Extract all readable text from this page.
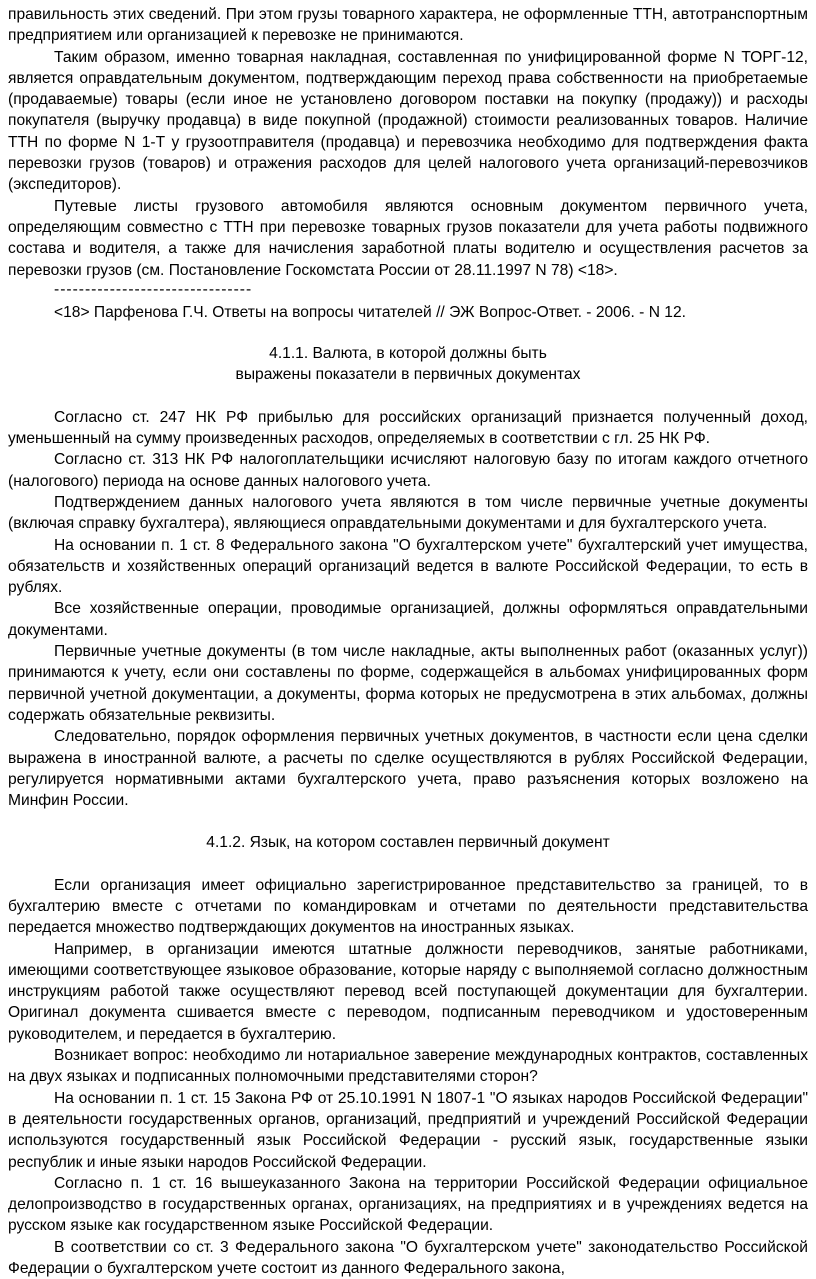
правильность этих сведений. При этом грузы товарного характера, не оформленные ТТН, автотранспортным предприятием или организацией к перевозке не принимаются.

Таким образом, именно товарная накладная, составленная по унифицированной форме N ТОРГ-12, является оправдательным документом, подтверждающим переход права собственности на приобретаемые (продаваемые) товары (если иное не установлено договором поставки на покупку (продажу)) и расходы покупателя (выручку продавца) в виде покупной (продажной) стоимости реализованных товаров. Наличие ТТН по форме N 1-Т у грузоотправителя (продавца) и перевозчика необходимо для подтверждения факта перевозки грузов (товаров) и отражения расходов для целей налогового учета организаций-перевозчиков (экспедиторов).

Путевые листы грузового автомобиля являются основным документом первичного учета, определяющим совместно с ТТН при перевозке товарных грузов показатели для учета работы подвижного состава и водителя, а также для начисления заработной платы водителю и осуществления расчетов за перевозки грузов (см. Постановление Госкомстата России от 28.11.1997 N 78) <18>.

--------------------------------

<18> Парфенова Г.Ч. Ответы на вопросы читателей // ЭЖ Вопрос-Ответ. - 2006. - N 12.

4.1.1. Валюта, в которой должны быть

выражены показатели в первичных документах

Согласно ст. 247 НК РФ прибылью для российских организаций признается полученный доход, уменьшенный на сумму произведенных расходов, определяемых в соответствии с гл. 25 НК РФ.

Согласно ст. 313 НК РФ налогоплательщики исчисляют налоговую базу по итогам каждого отчетного (налогового) периода на основе данных налогового учета.

Подтверждением данных налогового учета являются в том числе первичные учетные документы (включая справку бухгалтера), являющиеся оправдательными документами и для бухгалтерского учета.

На основании п. 1 ст. 8 Федерального закона "О бухгалтерском учете" бухгалтерский учет имущества, обязательств и хозяйственных операций организаций ведется в валюте Российской Федерации, то есть в рублях.

Все хозяйственные операции, проводимые организацией, должны оформляться оправдательными документами.

Первичные учетные документы (в том числе накладные, акты выполненных работ (оказанных услуг)) принимаются к учету, если они составлены по форме, содержащейся в альбомах унифицированных форм первичной учетной документации, а документы, форма которых не предусмотрена в этих альбомах, должны содержать обязательные реквизиты.

Следовательно, порядок оформления первичных учетных документов, в частности если цена сделки выражена в иностранной валюте, а расчеты по сделке осуществляются в рублях Российской Федерации, регулируется нормативными актами бухгалтерского учета, право разъяснения которых возложено на Минфин России.

4.1.2. Язык, на котором составлен первичный документ

Если организация имеет официально зарегистрированное представительство за границей, то в бухгалтерию вместе с отчетами по командировкам и отчетами по деятельности представительства передается множество подтверждающих документов на иностранных языках.

Например, в организации имеются штатные должности переводчиков, занятые работниками, имеющими соответствующее языковое образование, которые наряду с выполняемой согласно должностным инструкциям работой также осуществляют перевод всей поступающей документации для бухгалтерии. Оригинал документа сшивается вместе с переводом, подписанным переводчиком и удостоверенным руководителем, и передается в бухгалтерию.

Возникает вопрос: необходимо ли нотариальное заверение международных контрактов, составленных на двух языках и подписанных полномочными представителями сторон?

На основании п. 1 ст. 15 Закона РФ от 25.10.1991 N 1807-1 "О языках народов Российской Федерации" в деятельности государственных органов, организаций, предприятий и учреждений Российской Федерации используются государственный язык Российской Федерации - русский язык, государственные языки республик и иные языки народов Российской Федерации.

Согласно п. 1 ст. 16 вышеуказанного Закона на территории Российской Федерации официальное делопроизводство в государственных органах, организациях, на предприятиях и в учреждениях ведется на русском языке как государственном языке Российской Федерации.

В соответствии со ст. 3 Федерального закона "О бухгалтерском учете" законодательство Российской Федерации о бухгалтерском учете состоит из данного Федерального закона,
